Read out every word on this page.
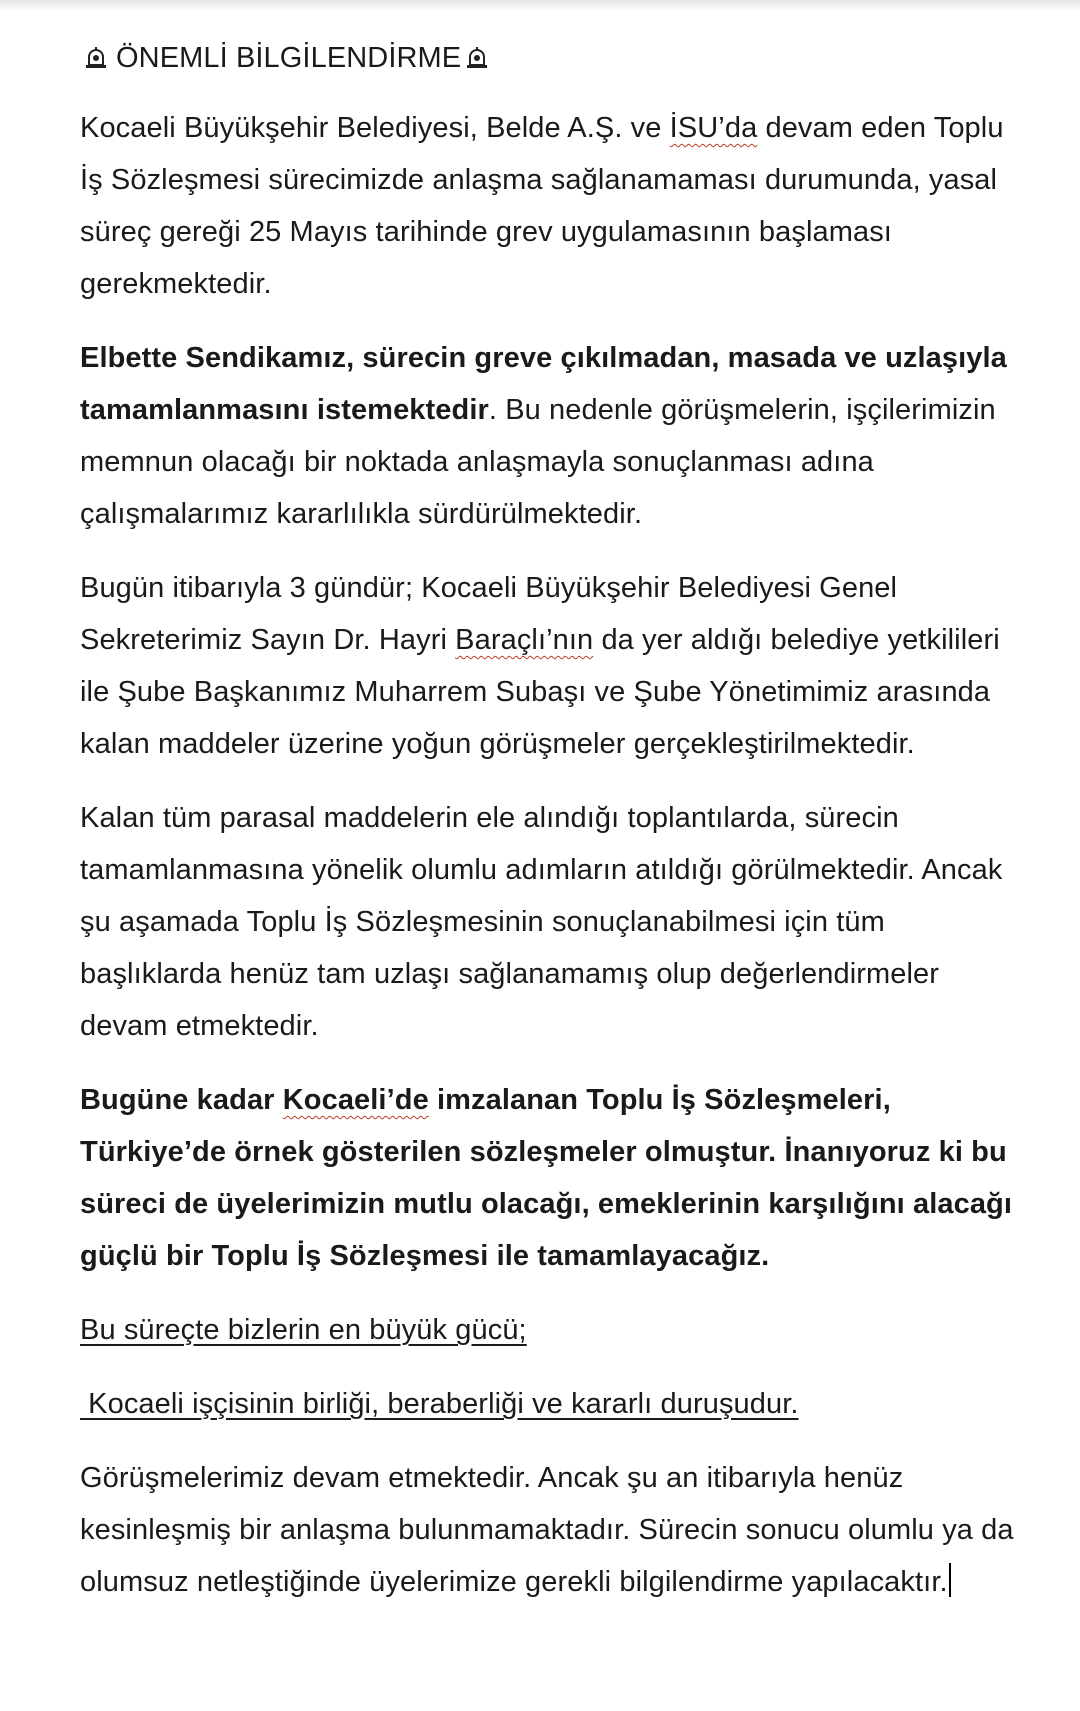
ÖNEMLİ BİLGİLENDİRME

Kocaeli Büyükşehir Belediyesi, Belde A.Ş. ve İSU’da devam eden Toplu İş Sözleşmesi sürecimizde anlaşma sağlanamaması durumunda, yasal süreç gereği 25 Mayıs tarihinde grev uygulamasının başlaması gerekmektedir.

Elbette Sendikamız, sürecin greve çıkılmadan, masada ve uzlaşıyla tamamlanmasını istemektedir. Bu nedenle görüşmelerin, işçilerimizin memnun olacağı bir noktada anlaşmayla sonuçlanması adına çalışmalarımız kararlılıkla sürdürülmektedir.

Bugün itibarıyla 3 gündür; Kocaeli Büyükşehir Belediyesi Genel Sekreterimiz Sayın Dr. Hayri Baraçlı’nın da yer aldığı belediye yetkilileri ile Şube Başkanımız Muharrem Subaşı ve Şube Yönetimimiz arasında kalan maddeler üzerine yoğun görüşmeler gerçekleştirilmektedir.

Kalan tüm parasal maddelerin ele alındığı toplantılarda, sürecin tamamlanmasına yönelik olumlu adımların atıldığı görülmektedir. Ancak şu aşamada Toplu İş Sözleşmesinin sonuçlanabilmesi için tüm başlıklarda henüz tam uzlaşı sağlanamamış olup değerlendirmeler devam etmektedir.

Bugüne kadar Kocaeli’de imzalanan Toplu İş Sözleşmeleri, Türkiye’de örnek gösterilen sözleşmeler olmuştur. İnanıyoruz ki bu süreci de üyelerimizin mutlu olacağı, emeklerinin karşılığını alacağı güçlü bir Toplu İş Sözleşmesi ile tamamlayacağız.

Bu süreçte bizlerin en büyük gücü;

Kocaeli işçisinin birliği, beraberliği ve kararlı duruşudur.

Görüşmelerimiz devam etmektedir. Ancak şu an itibarıyla henüz kesinleşmiş bir anlaşma bulunmamaktadır. Sürecin sonucu olumlu ya da olumsuz netleştiğinde üyelerimize gerekli bilgilendirme yapılacaktır.
